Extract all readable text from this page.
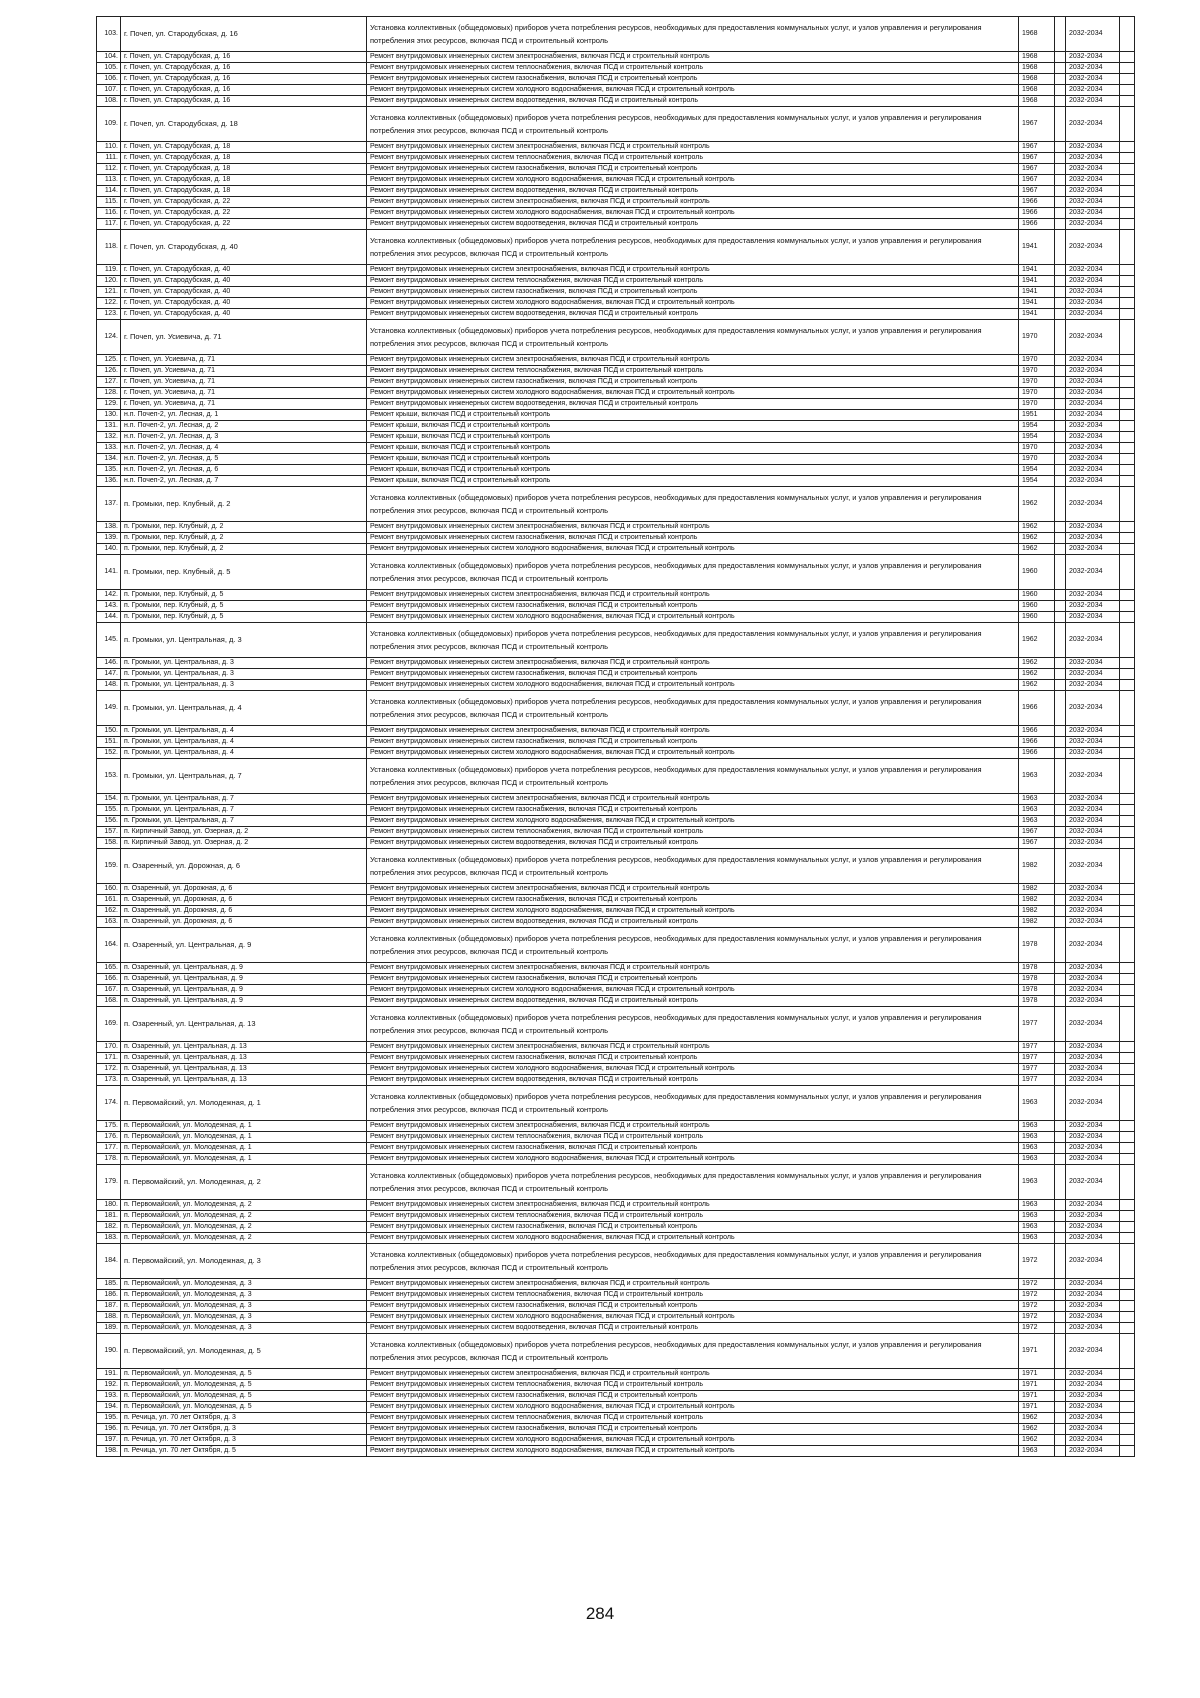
103.	г. Почеп, ул. Стародубская, д. 16	Установка коллективных (общедомовых) приборов учета потребления ресурсов, необходимых для предоставления коммунальных услуг, и узлов управления и регулирования потребления этих ресурсов, включая ПСД и строительный контроль	1968		2032-2034	
104.	г. Почеп, ул. Стародубская, д. 16	Ремонт внутридомовых инженерных систем электроснабжения, включая ПСД и строительный контроль	1968		2032-2034	
105.	г. Почеп, ул. Стародубская, д. 16	Ремонт внутридомовых инженерных систем теплоснабжения, включая ПСД и строительный контроль	1968		2032-2034	
106.	г. Почеп, ул. Стародубская, д. 16	Ремонт внутридомовых инженерных систем газоснабжения, включая ПСД и строительный контроль	1968		2032-2034	
107.	г. Почеп, ул. Стародубская, д. 16	Ремонт внутридомовых инженерных систем холодного водоснабжения, включая ПСД и строительный контроль	1968		2032-2034	
108.	г. Почеп, ул. Стародубская, д. 16	Ремонт внутридомовых инженерных систем водоотведения, включая ПСД и строительный контроль	1968		2032-2034	
109.	г. Почеп, ул. Стародубская, д. 18	Установка коллективных (общедомовых) приборов учета потребления ресурсов, необходимых для предоставления коммунальных услуг, и узлов управления и регулирования потребления этих ресурсов, включая ПСД и строительный контроль	1967		2032-2034	
110.	г. Почеп, ул. Стародубская, д. 18	Ремонт внутридомовых инженерных систем электроснабжения, включая ПСД и строительный контроль	1967		2032-2034	
111.	г. Почеп, ул. Стародубская, д. 18	Ремонт внутридомовых инженерных систем теплоснабжения, включая ПСД и строительный контроль	1967		2032-2034	
112.	г. Почеп, ул. Стародубская, д. 18	Ремонт внутридомовых инженерных систем газоснабжения, включая ПСД и строительный контроль	1967		2032-2034	
113.	г. Почеп, ул. Стародубская, д. 18	Ремонт внутридомовых инженерных систем холодного водоснабжения, включая ПСД и строительный контроль	1967		2032-2034	
114.	г. Почеп, ул. Стародубская, д. 18	Ремонт внутридомовых инженерных систем водоотведения, включая ПСД и строительный контроль	1967		2032-2034	
115.	г. Почеп, ул. Стародубская, д. 22	Ремонт внутридомовых инженерных систем электроснабжения, включая ПСД и строительный контроль	1966		2032-2034	
116.	г. Почеп, ул. Стародубская, д. 22	Ремонт внутридомовых инженерных систем холодного водоснабжения, включая ПСД и строительный контроль	1966		2032-2034	
117.	г. Почеп, ул. Стародубская, д. 22	Ремонт внутридомовых инженерных систем водоотведения, включая ПСД и строительный контроль	1966		2032-2034	
118.	г. Почеп, ул. Стародубская, д. 40	Установка коллективных (общедомовых) приборов учета потребления ресурсов, необходимых для предоставления коммунальных услуг, и узлов управления и регулирования потребления этих ресурсов, включая ПСД и строительный контроль	1941		2032-2034	
119.	г. Почеп, ул. Стародубская, д. 40	Ремонт внутридомовых инженерных систем электроснабжения, включая ПСД и строительный контроль	1941		2032-2034	
120.	г. Почеп, ул. Стародубская, д. 40	Ремонт внутридомовых инженерных систем теплоснабжения, включая ПСД и строительный контроль	1941		2032-2034	
121.	г. Почеп, ул. Стародубская, д. 40	Ремонт внутридомовых инженерных систем газоснабжения, включая ПСД и строительный контроль	1941		2032-2034	
122.	г. Почеп, ул. Стародубская, д. 40	Ремонт внутридомовых инженерных систем холодного водоснабжения, включая ПСД и строительный контроль	1941		2032-2034	
123.	г. Почеп, ул. Стародубская, д. 40	Ремонт внутридомовых инженерных систем водоотведения, включая ПСД и строительный контроль	1941		2032-2034	
124.	г. Почеп, ул. Усиевича, д. 71	Установка коллективных (общедомовых) приборов учета потребления ресурсов, необходимых для предоставления коммунальных услуг, и узлов управления и регулирования потребления этих ресурсов, включая ПСД и строительный контроль	1970		2032-2034	
125.	г. Почеп, ул. Усиевича, д. 71	Ремонт внутридомовых инженерных систем электроснабжения, включая ПСД и строительный контроль	1970		2032-2034	
126.	г. Почеп, ул. Усиевича, д. 71	Ремонт внутридомовых инженерных систем теплоснабжения, включая ПСД и строительный контроль	1970		2032-2034	
127.	г. Почеп, ул. Усиевича, д. 71	Ремонт внутридомовых инженерных систем газоснабжения, включая ПСД и строительный контроль	1970		2032-2034	
128.	г. Почеп, ул. Усиевича, д. 71	Ремонт внутридомовых инженерных систем холодного водоснабжения, включая ПСД и строительный контроль	1970		2032-2034	
129.	г. Почеп, ул. Усиевича, д. 71	Ремонт внутридомовых инженерных систем водоотведения, включая ПСД и строительный контроль	1970		2032-2034	
130.	н.п. Почеп-2, ул. Лесная, д. 1	Ремонт крыши, включая ПСД и строительный контроль	1951		2032-2034	
131.	н.п. Почеп-2, ул. Лесная, д. 2	Ремонт крыши, включая ПСД и строительный контроль	1954		2032-2034	
132.	н.п. Почеп-2, ул. Лесная, д. 3	Ремонт крыши, включая ПСД и строительный контроль	1954		2032-2034	
133.	н.п. Почеп-2, ул. Лесная, д. 4	Ремонт крыши, включая ПСД и строительный контроль	1970		2032-2034	
134.	н.п. Почеп-2, ул. Лесная, д. 5	Ремонт крыши, включая ПСД и строительный контроль	1970		2032-2034	
135.	н.п. Почеп-2, ул. Лесная, д. 6	Ремонт крыши, включая ПСД и строительный контроль	1954		2032-2034	
136.	н.п. Почеп-2, ул. Лесная, д. 7	Ремонт крыши, включая ПСД и строительный контроль	1954		2032-2034	
137.	п. Громыки, пер. Клубный, д. 2	Установка коллективных (общедомовых) приборов учета потребления ресурсов, необходимых для предоставления коммунальных услуг, и узлов управления и регулирования потребления этих ресурсов, включая ПСД и строительный контроль	1962		2032-2034	
138.	п. Громыки, пер. Клубный, д. 2	Ремонт внутридомовых инженерных систем электроснабжения, включая ПСД и строительный контроль	1962		2032-2034	
139.	п. Громыки, пер. Клубный, д. 2	Ремонт внутридомовых инженерных систем газоснабжения, включая ПСД и строительный контроль	1962		2032-2034	
140.	п. Громыки, пер. Клубный, д. 2	Ремонт внутридомовых инженерных систем холодного водоснабжения, включая ПСД и строительный контроль	1962		2032-2034	
141.	п. Громыки, пер. Клубный, д. 5	Установка коллективных (общедомовых) приборов учета потребления ресурсов, необходимых для предоставления коммунальных услуг, и узлов управления и регулирования потребления этих ресурсов, включая ПСД и строительный контроль	1960		2032-2034	
142.	п. Громыки, пер. Клубный, д. 5	Ремонт внутридомовых инженерных систем электроснабжения, включая ПСД и строительный контроль	1960		2032-2034	
143.	п. Громыки, пер. Клубный, д. 5	Ремонт внутридомовых инженерных систем газоснабжения, включая ПСД и строительный контроль	1960		2032-2034	
144.	п. Громыки, пер. Клубный, д. 5	Ремонт внутридомовых инженерных систем холодного водоснабжения, включая ПСД и строительный контроль	1960		2032-2034	
145.	п. Громыки, ул. Центральная, д. 3	Установка коллективных (общедомовых) приборов учета потребления ресурсов, необходимых для предоставления коммунальных услуг, и узлов управления и регулирования потребления этих ресурсов, включая ПСД и строительный контроль	1962		2032-2034	
146.	п. Громыки, ул. Центральная, д. 3	Ремонт внутридомовых инженерных систем электроснабжения, включая ПСД и строительный контроль	1962		2032-2034	
147.	п. Громыки, ул. Центральная, д. 3	Ремонт внутридомовых инженерных систем газоснабжения, включая ПСД и строительный контроль	1962		2032-2034	
148.	п. Громыки, ул. Центральная, д. 3	Ремонт внутридомовых инженерных систем холодного водоснабжения, включая ПСД и строительный контроль	1962		2032-2034	
149.	п. Громыки, ул. Центральная, д. 4	Установка коллективных (общедомовых) приборов учета потребления ресурсов, необходимых для предоставления коммунальных услуг, и узлов управления и регулирования потребления этих ресурсов, включая ПСД и строительный контроль	1966		2032-2034	
150.	п. Громыки, ул. Центральная, д. 4	Ремонт внутридомовых инженерных систем электроснабжения, включая ПСД и строительный контроль	1966		2032-2034	
151.	п. Громыки, ул. Центральная, д. 4	Ремонт внутридомовых инженерных систем газоснабжения, включая ПСД и строительный контроль	1966		2032-2034	
152.	п. Громыки, ул. Центральная, д. 4	Ремонт внутридомовых инженерных систем холодного водоснабжения, включая ПСД и строительный контроль	1966		2032-2034	
153.	п. Громыки, ул. Центральная, д. 7	Установка коллективных (общедомовых) приборов учета потребления ресурсов, необходимых для предоставления коммунальных услуг, и узлов управления и регулирования потребления этих ресурсов, включая ПСД и строительный контроль	1963		2032-2034	
154.	п. Громыки, ул. Центральная, д. 7	Ремонт внутридомовых инженерных систем электроснабжения, включая ПСД и строительный контроль	1963		2032-2034	
155.	п. Громыки, ул. Центральная, д. 7	Ремонт внутридомовых инженерных систем газоснабжения, включая ПСД и строительный контроль	1963		2032-2034	
156.	п. Громыки, ул. Центральная, д. 7	Ремонт внутридомовых инженерных систем холодного водоснабжения, включая ПСД и строительный контроль	1963		2032-2034	
157.	п. Кирпичный Завод, ул. Озерная, д. 2	Ремонт внутридомовых инженерных систем теплоснабжения, включая ПСД и строительный контроль	1967		2032-2034	
158.	п. Кирпичный Завод, ул. Озерная, д. 2	Ремонт внутридомовых инженерных систем водоотведения, включая ПСД и строительный контроль	1967		2032-2034	
159.	п. Озаренный, ул. Дорожная, д. 6	Установка коллективных (общедомовых) приборов учета потребления ресурсов, необходимых для предоставления коммунальных услуг, и узлов управления и регулирования потребления этих ресурсов, включая ПСД и строительный контроль	1982		2032-2034	
160.	п. Озаренный, ул. Дорожная, д. 6	Ремонт внутридомовых инженерных систем электроснабжения, включая ПСД и строительный контроль	1982		2032-2034	
161.	п. Озаренный, ул. Дорожная, д. 6	Ремонт внутридомовых инженерных систем газоснабжения, включая ПСД и строительный контроль	1982		2032-2034	
162.	п. Озаренный, ул. Дорожная, д. 6	Ремонт внутридомовых инженерных систем холодного водоснабжения, включая ПСД и строительный контроль	1982		2032-2034	
163.	п. Озаренный, ул. Дорожная, д. 6	Ремонт внутридомовых инженерных систем водоотведения, включая ПСД и строительный контроль	1982		2032-2034	
164.	п. Озаренный, ул. Центральная, д. 9	Установка коллективных (общедомовых) приборов учета потребления ресурсов, необходимых для предоставления коммунальных услуг, и узлов управления и регулирования потребления этих ресурсов, включая ПСД и строительный контроль	1978		2032-2034	
165.	п. Озаренный, ул. Центральная, д. 9	Ремонт внутридомовых инженерных систем электроснабжения, включая ПСД и строительный контроль	1978		2032-2034	
166.	п. Озаренный, ул. Центральная, д. 9	Ремонт внутридомовых инженерных систем газоснабжения, включая ПСД и строительный контроль	1978		2032-2034	
167.	п. Озаренный, ул. Центральная, д. 9	Ремонт внутридомовых инженерных систем холодного водоснабжения, включая ПСД и строительный контроль	1978		2032-2034	
168.	п. Озаренный, ул. Центральная, д. 9	Ремонт внутридомовых инженерных систем водоотведения, включая ПСД и строительный контроль	1978		2032-2034	
169.	п. Озаренный, ул. Центральная, д. 13	Установка коллективных (общедомовых) приборов учета потребления ресурсов, необходимых для предоставления коммунальных услуг, и узлов управления и регулирования потребления этих ресурсов, включая ПСД и строительный контроль	1977		2032-2034	
170.	п. Озаренный, ул. Центральная, д. 13	Ремонт внутридомовых инженерных систем электроснабжения, включая ПСД и строительный контроль	1977		2032-2034	
171.	п. Озаренный, ул. Центральная, д. 13	Ремонт внутридомовых инженерных систем газоснабжения, включая ПСД и строительный контроль	1977		2032-2034	
172.	п. Озаренный, ул. Центральная, д. 13	Ремонт внутридомовых инженерных систем холодного водоснабжения, включая ПСД и строительный контроль	1977		2032-2034	
173.	п. Озаренный, ул. Центральная, д. 13	Ремонт внутридомовых инженерных систем водоотведения, включая ПСД и строительный контроль	1977		2032-2034	
174.	п. Первомайский, ул. Молодежная, д. 1	Установка коллективных (общедомовых) приборов учета потребления ресурсов, необходимых для предоставления коммунальных услуг, и узлов управления и регулирования потребления этих ресурсов, включая ПСД и строительный контроль	1963		2032-2034	
175.	п. Первомайский, ул. Молодежная, д. 1	Ремонт внутридомовых инженерных систем электроснабжения, включая ПСД и строительный контроль	1963		2032-2034	
176.	п. Первомайский, ул. Молодежная, д. 1	Ремонт внутридомовых инженерных систем теплоснабжения, включая ПСД и строительный контроль	1963		2032-2034	
177.	п. Первомайский, ул. Молодежная, д. 1	Ремонт внутридомовых инженерных систем газоснабжения, включая ПСД и строительный контроль	1963		2032-2034	
178.	п. Первомайский, ул. Молодежная, д. 1	Ремонт внутридомовых инженерных систем холодного водоснабжения, включая ПСД и строительный контроль	1963		2032-2034	
179.	п. Первомайский, ул. Молодежная, д. 2	Установка коллективных (общедомовых) приборов учета потребления ресурсов, необходимых для предоставления коммунальных услуг, и узлов управления и регулирования потребления этих ресурсов, включая ПСД и строительный контроль	1963		2032-2034	
180.	п. Первомайский, ул. Молодежная, д. 2	Ремонт внутридомовых инженерных систем электроснабжения, включая ПСД и строительный контроль	1963		2032-2034	
181.	п. Первомайский, ул. Молодежная, д. 2	Ремонт внутридомовых инженерных систем теплоснабжения, включая ПСД и строительный контроль	1963		2032-2034	
182.	п. Первомайский, ул. Молодежная, д. 2	Ремонт внутридомовых инженерных систем газоснабжения, включая ПСД и строительный контроль	1963		2032-2034	
183.	п. Первомайский, ул. Молодежная, д. 2	Ремонт внутридомовых инженерных систем холодного водоснабжения, включая ПСД и строительный контроль	1963		2032-2034	
184.	п. Первомайский, ул. Молодежная, д. 3	Установка коллективных (общедомовых) приборов учета потребления ресурсов, необходимых для предоставления коммунальных услуг, и узлов управления и регулирования потребления этих ресурсов, включая ПСД и строительный контроль	1972		2032-2034	
185.	п. Первомайский, ул. Молодежная, д. 3	Ремонт внутридомовых инженерных систем электроснабжения, включая ПСД и строительный контроль	1972		2032-2034	
186.	п. Первомайский, ул. Молодежная, д. 3	Ремонт внутридомовых инженерных систем теплоснабжения, включая ПСД и строительный контроль	1972		2032-2034	
187.	п. Первомайский, ул. Молодежная, д. 3	Ремонт внутридомовых инженерных систем газоснабжения, включая ПСД и строительный контроль	1972		2032-2034	
188.	п. Первомайский, ул. Молодежная, д. 3	Ремонт внутридомовых инженерных систем холодного водоснабжения, включая ПСД и строительный контроль	1972		2032-2034	
189.	п. Первомайский, ул. Молодежная, д. 3	Ремонт внутридомовых инженерных систем водоотведения, включая ПСД и строительный контроль	1972		2032-2034	
190.	п. Первомайский, ул. Молодежная, д. 5	Установка коллективных (общедомовых) приборов учета потребления ресурсов, необходимых для предоставления коммунальных услуг, и узлов управления и регулирования потребления этих ресурсов, включая ПСД и строительный контроль	1971		2032-2034	
191.	п. Первомайский, ул. Молодежная, д. 5	Ремонт внутридомовых инженерных систем электроснабжения, включая ПСД и строительный контроль	1971		2032-2034	
192.	п. Первомайский, ул. Молодежная, д. 5	Ремонт внутридомовых инженерных систем теплоснабжения, включая ПСД и строительный контроль	1971		2032-2034	
193.	п. Первомайский, ул. Молодежная, д. 5	Ремонт внутридомовых инженерных систем газоснабжения, включая ПСД и строительный контроль	1971		2032-2034	
194.	п. Первомайский, ул. Молодежная, д. 5	Ремонт внутридомовых инженерных систем холодного водоснабжения, включая ПСД и строительный контроль	1971		2032-2034	
195.	п. Речица, ул. 70 лет Октября, д. 3	Ремонт внутридомовых инженерных систем теплоснабжения, включая ПСД и строительный контроль	1962		2032-2034	
196.	п. Речица, ул. 70 лет Октября, д. 3	Ремонт внутридомовых инженерных систем газоснабжения, включая ПСД и строительный контроль	1962		2032-2034	
197.	п. Речица, ул. 70 лет Октября, д. 3	Ремонт внутридомовых инженерных систем холодного водоснабжения, включая ПСД и строительный контроль	1962		2032-2034	
198.	п. Речица, ул. 70 лет Октября, д. 5	Ремонт внутридомовых инженерных систем холодного водоснабжения, включая ПСД и строительный контроль	1963		2032-2034	
284
